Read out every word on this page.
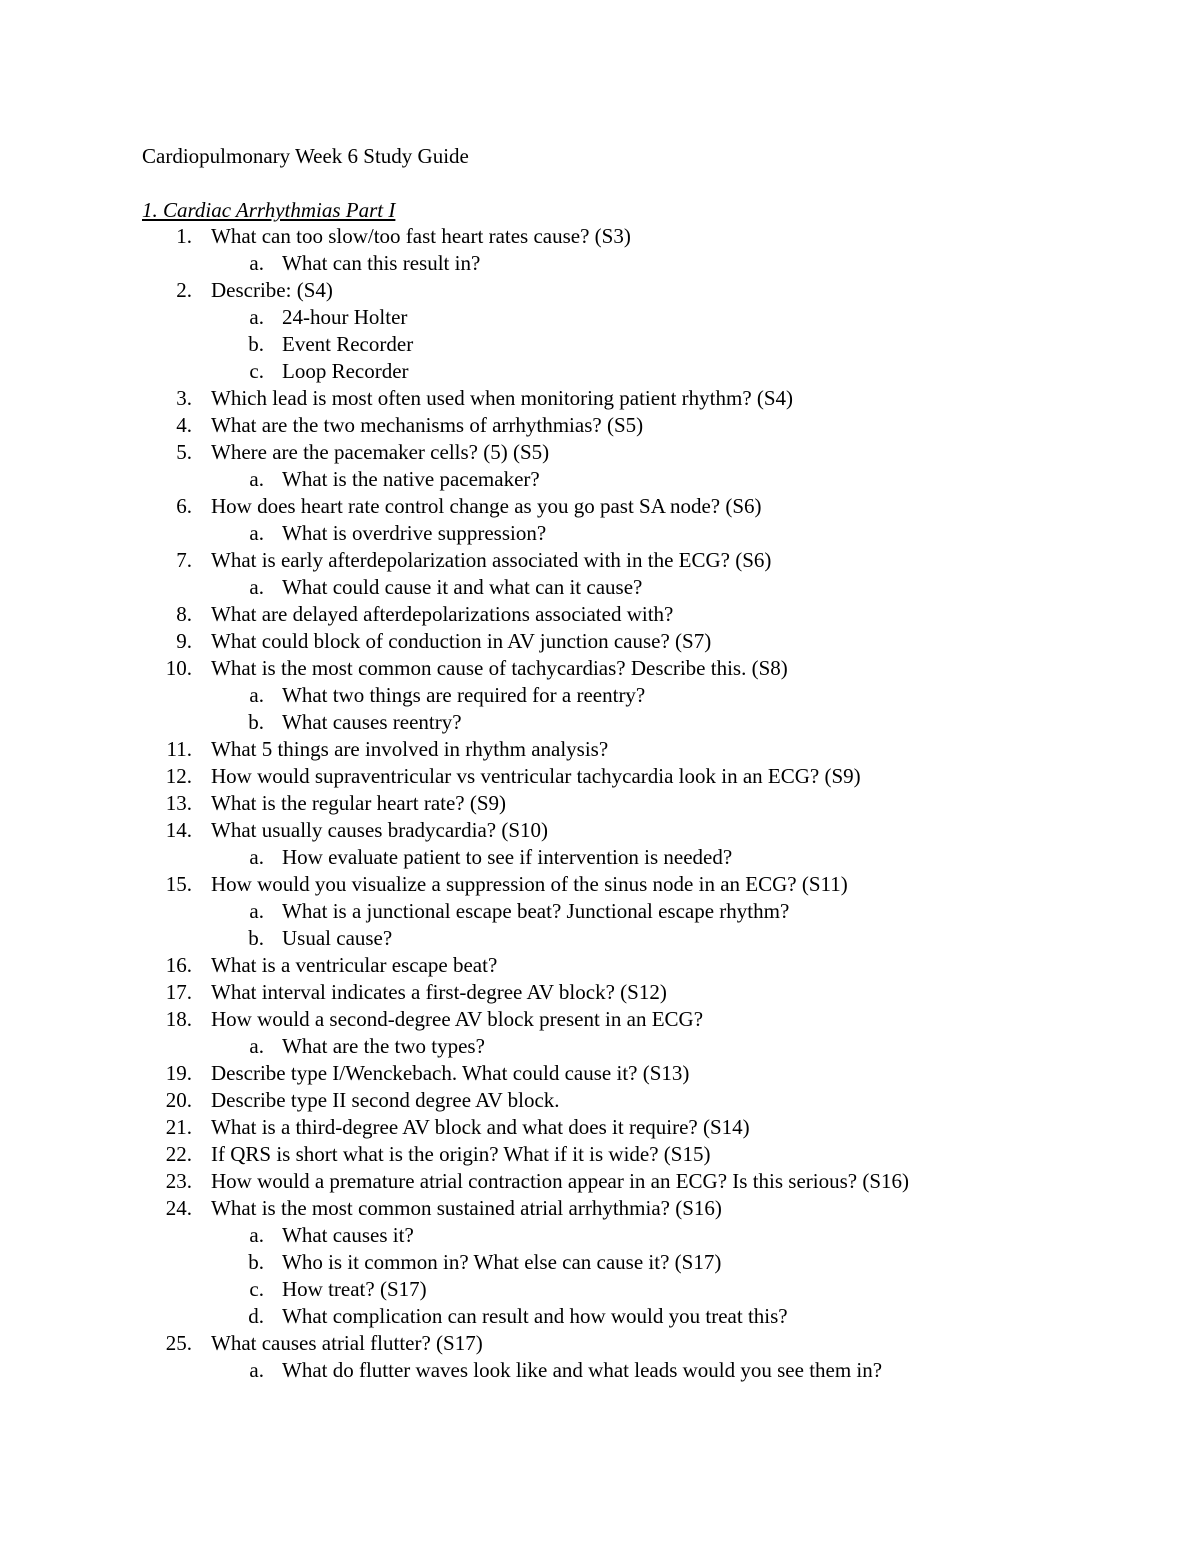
Cardiopulmonary Week 6 Study Guide
1. Cardiac Arrhythmias Part I
1. What can too slow/too fast heart rates cause? (S3)
a. What can this result in?
2. Describe: (S4)
a. 24-hour Holter
b. Event Recorder
c. Loop Recorder
3. Which lead is most often used when monitoring patient rhythm? (S4)
4. What are the two mechanisms of arrhythmias? (S5)
5. Where are the pacemaker cells? (5) (S5)
a. What is the native pacemaker?
6. How does heart rate control change as you go past SA node? (S6)
a. What is overdrive suppression?
7. What is early afterdepolarization associated with in the ECG? (S6)
a. What could cause it and what can it cause?
8. What are delayed afterdepolarizations associated with?
9. What could block of conduction in AV junction cause? (S7)
10. What is the most common cause of tachycardias? Describe this. (S8)
a. What two things are required for a reentry?
b. What causes reentry?
11. What 5 things are involved in rhythm analysis?
12. How would supraventricular vs ventricular tachycardia look in an ECG? (S9)
13. What is the regular heart rate? (S9)
14. What usually causes bradycardia? (S10)
a. How evaluate patient to see if intervention is needed?
15. How would you visualize a suppression of the sinus node in an ECG? (S11)
a. What is a junctional escape beat? Junctional escape rhythm?
b. Usual cause?
16. What is a ventricular escape beat?
17. What interval indicates a first-degree AV block? (S12)
18. How would a second-degree AV block present in an ECG?
a. What are the two types?
19. Describe type I/Wenckebach. What could cause it? (S13)
20. Describe type II second degree AV block.
21. What is a third-degree AV block and what does it require? (S14)
22. If QRS is short what is the origin? What if it is wide? (S15)
23. How would a premature atrial contraction appear in an ECG? Is this serious? (S16)
24. What is the most common sustained atrial arrhythmia? (S16)
a. What causes it?
b. Who is it common in? What else can cause it? (S17)
c. How treat? (S17)
d. What complication can result and how would you treat this?
25. What causes atrial flutter? (S17)
a. What do flutter waves look like and what leads would you see them in?
